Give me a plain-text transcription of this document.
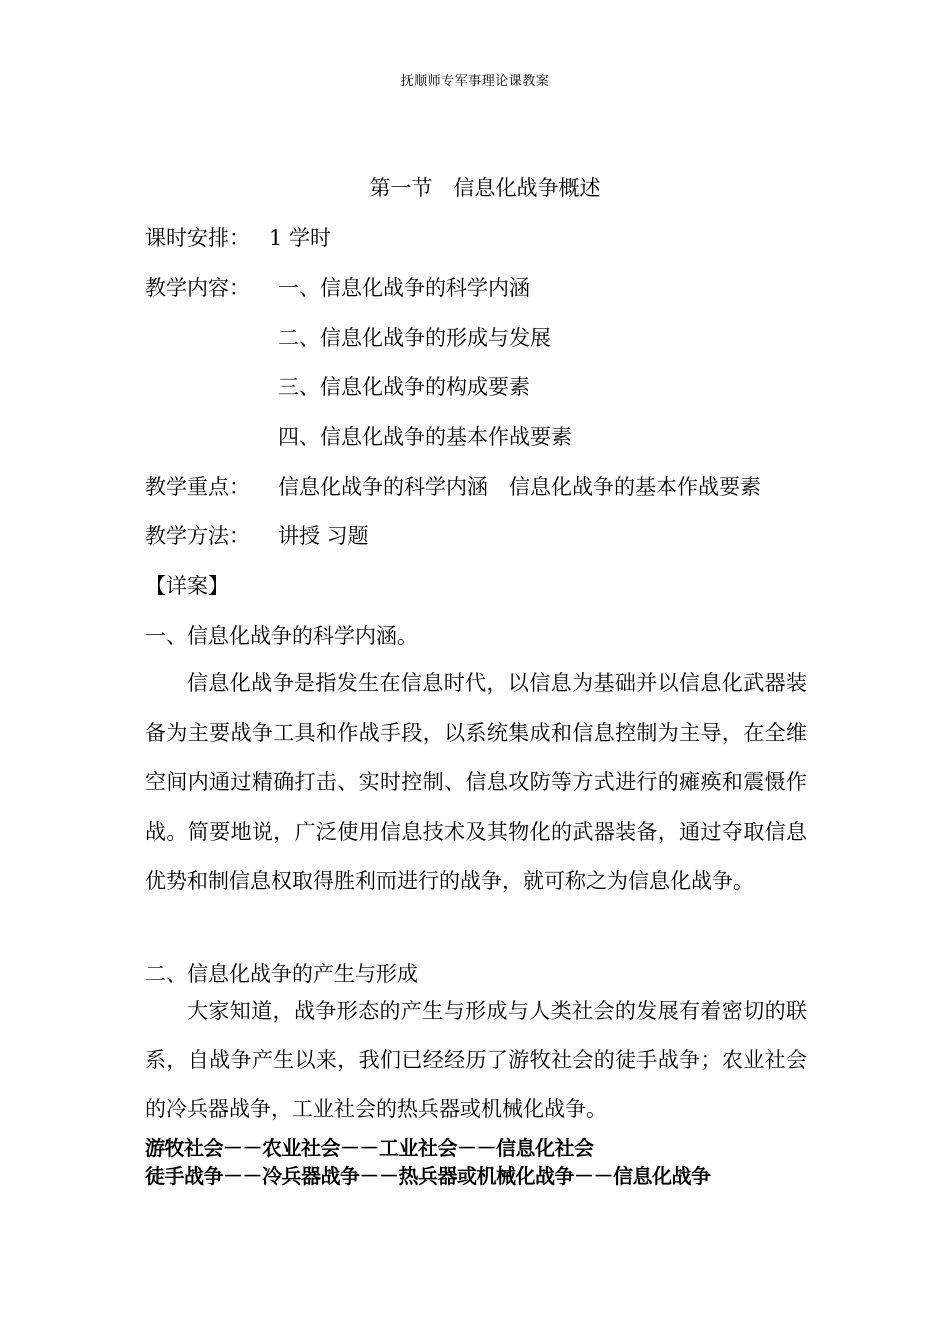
抚顺师专军事理论课教案
第一节　信息化战争概述
课时安排： 1 学时
教学内容： 一、信息化战争的科学内涵
二、信息化战争的形成与发展
三、信息化战争的构成要素
四、信息化战争的基本作战要素
教学重点： 信息化战争的科学内涵　信息化战争的基本作战要素
教学方法： 讲授 习题
【详案】
一、信息化战争的科学内涵。

信息化战争是指发生在信息时代，以信息为基础并以信息化武器装备为主要战争工具和作战手段，以系统集成和信息控制为主导，在全维空间内通过精确打击、实时控制、信息攻防等方式进行的瘫痪和震慑作战。简要地说，广泛使用信息技术及其物化的武器装备，通过夺取信息优势和制信息权取得胜利而进行的战争，就可称之为信息化战争。

二、信息化战争的产生与形成

大家知道，战争形态的产生与形成与人类社会的发展有着密切的联系，自战争产生以来，我们已经经历了游牧社会的徒手战争；农业社会的冷兵器战争，工业社会的热兵器或机械化战争。

游牧社会－－农业社会－－工业社会－－信息化社会
徒手战争－－冷兵器战争－－热兵器或机械化战争－－信息化战争
